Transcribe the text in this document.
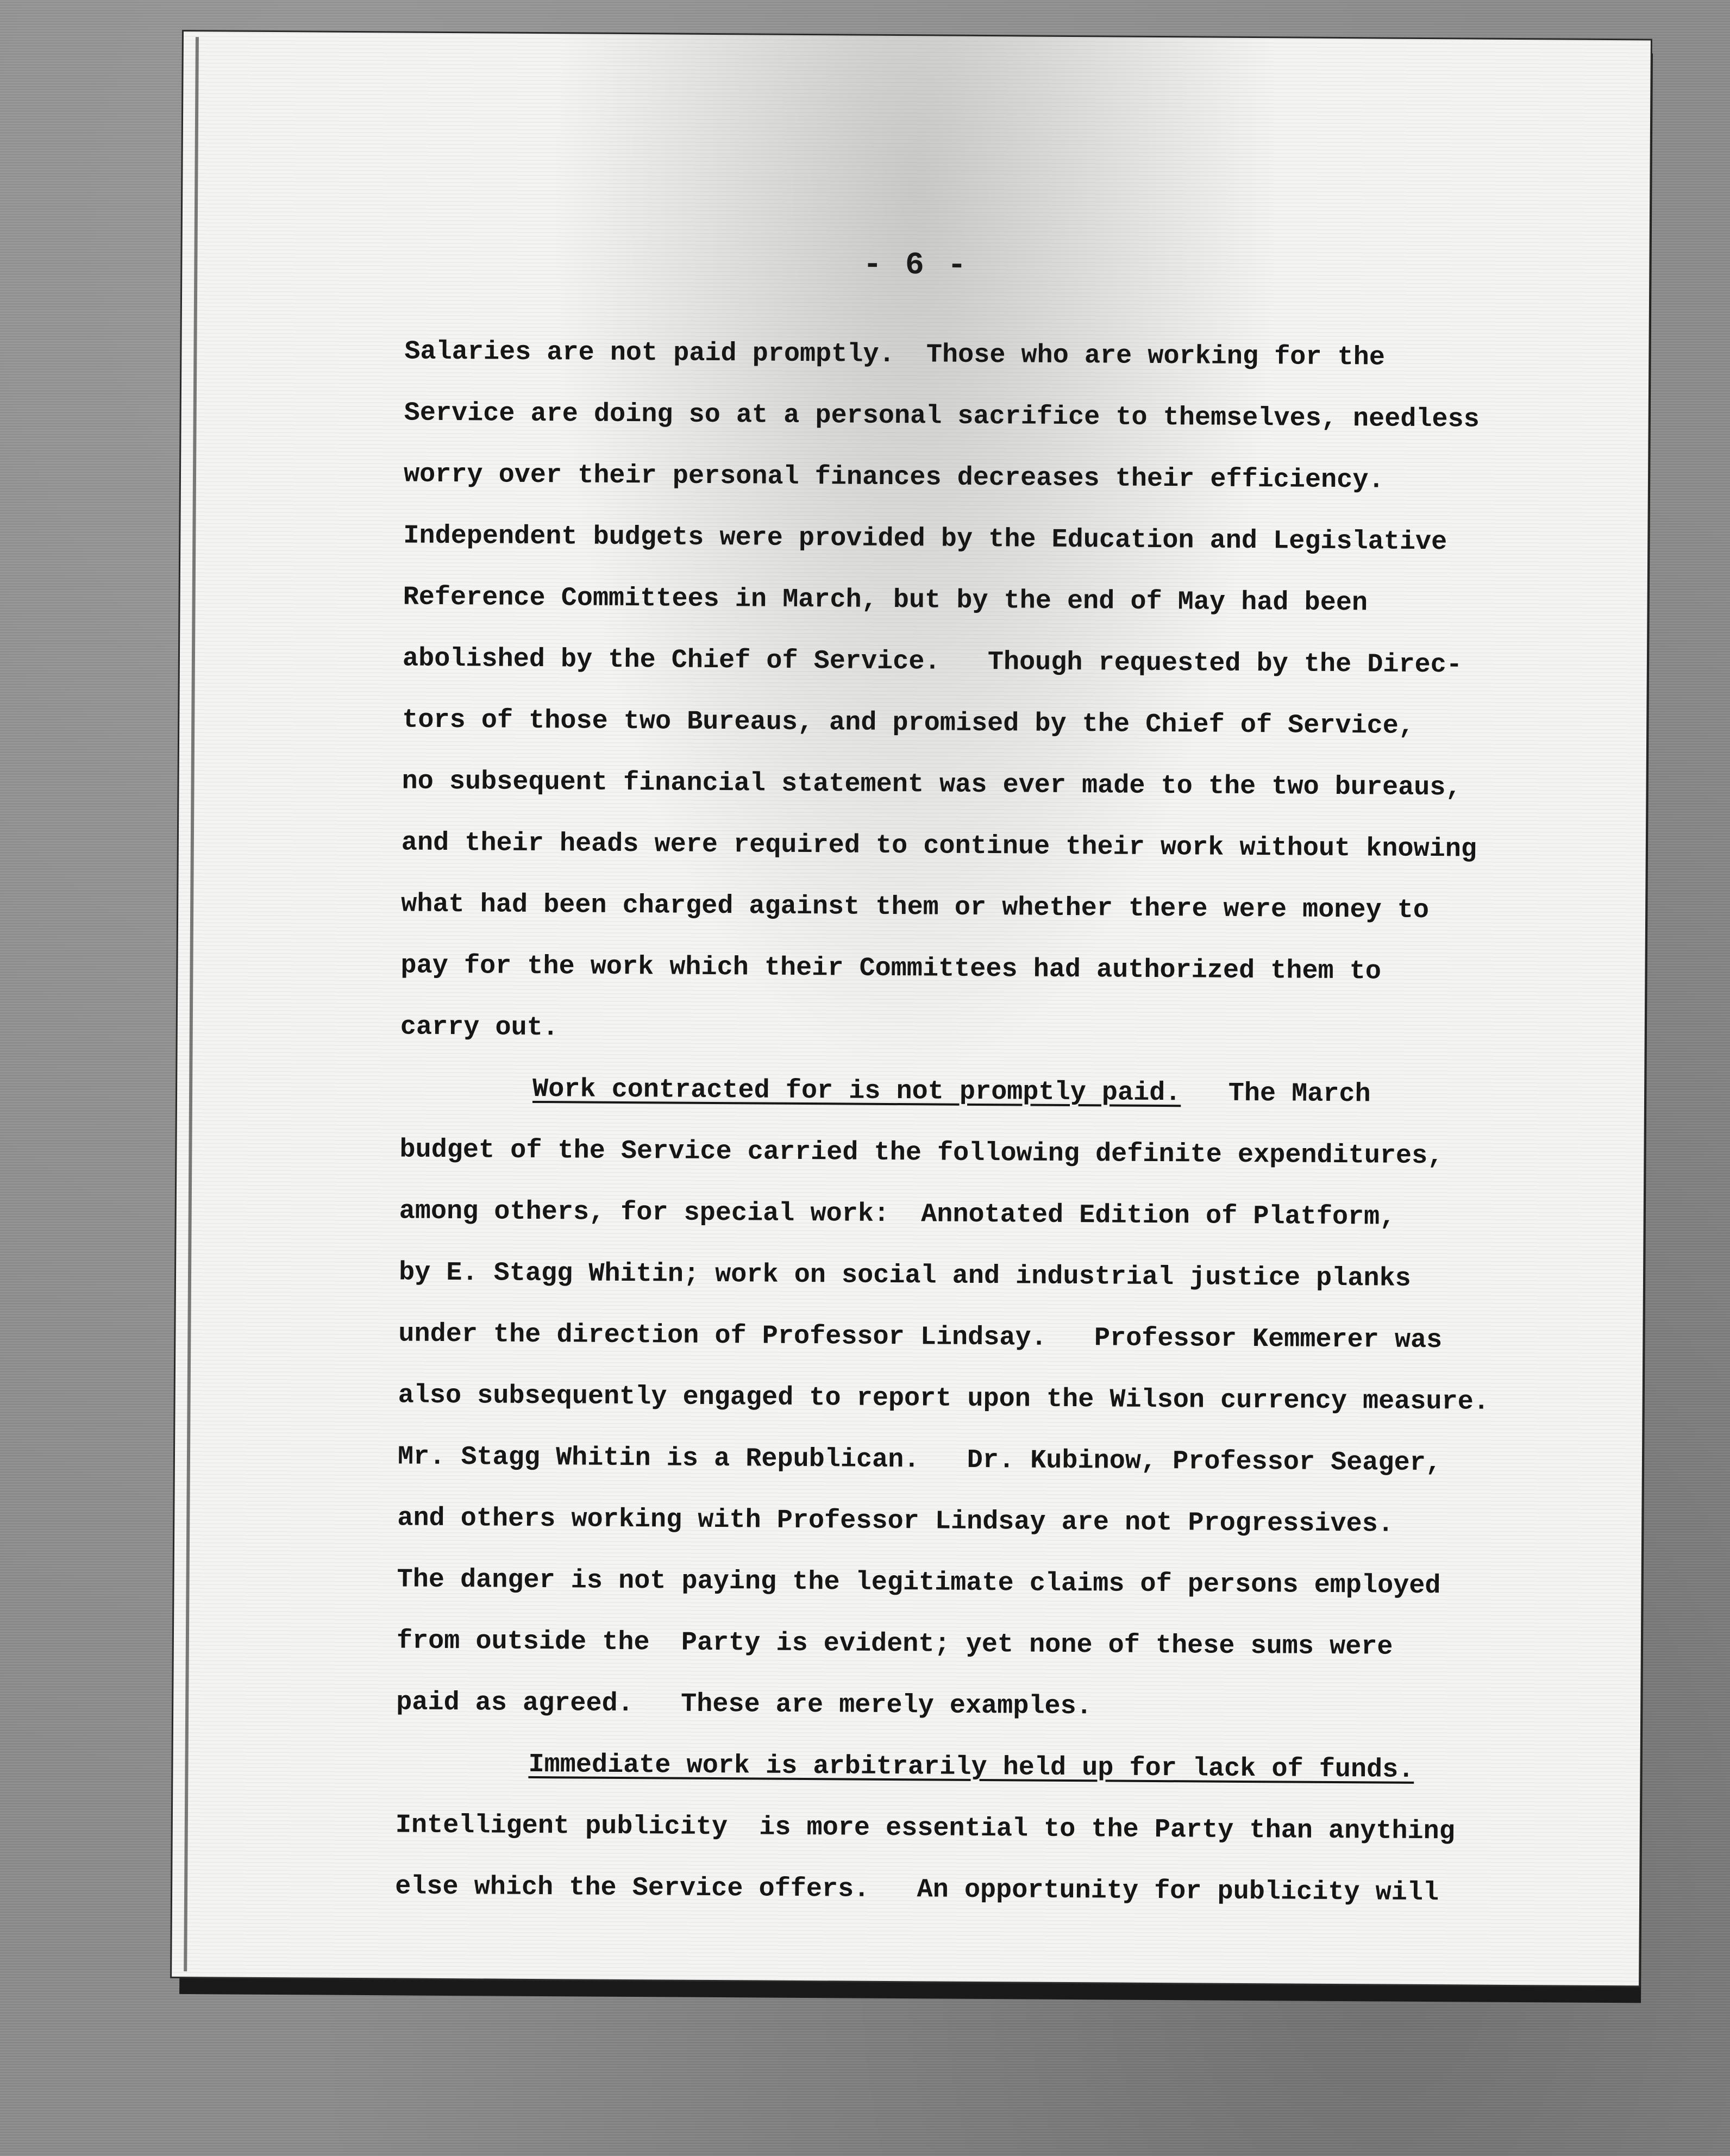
- 6 -
Salaries are not paid promptly.  Those who are working for the
Service are doing so at a personal sacrifice to themselves, needless
worry over their personal finances decreases their efficiency.
Independent budgets were provided by the Education and Legislative
Reference Committees in March, but by the end of May had been
abolished by the Chief of Service.   Though requested by the Direc-
tors of those two Bureaus, and promised by the Chief of Service,
no subsequent financial statement was ever made to the two bureaus,
and their heads were required to continue their work without knowing
what had been charged against them or whether there were money to
pay for the work which their Committees had authorized them to
carry out.
Work contracted for is not promptly paid.   The March
budget of the Service carried the following definite expenditures,
among others, for special work:  Annotated Edition of Platform,
by E. Stagg Whitin; work on social and industrial justice planks
under the direction of Professor Lindsay.   Professor Kemmerer was
also subsequently engaged to report upon the Wilson currency measure.
Mr. Stagg Whitin is a Republican.   Dr. Kubinow, Professor Seager,
and others working with Professor Lindsay are not Progressives.
The danger is not paying the legitimate claims of persons employed
from outside the  Party is evident; yet none of these sums were
paid as agreed.   These are merely examples.
Immediate work is arbitrarily held up for lack of funds.
Intelligent publicity  is more essential to the Party than anything
else which the Service offers.   An opportunity for publicity will
